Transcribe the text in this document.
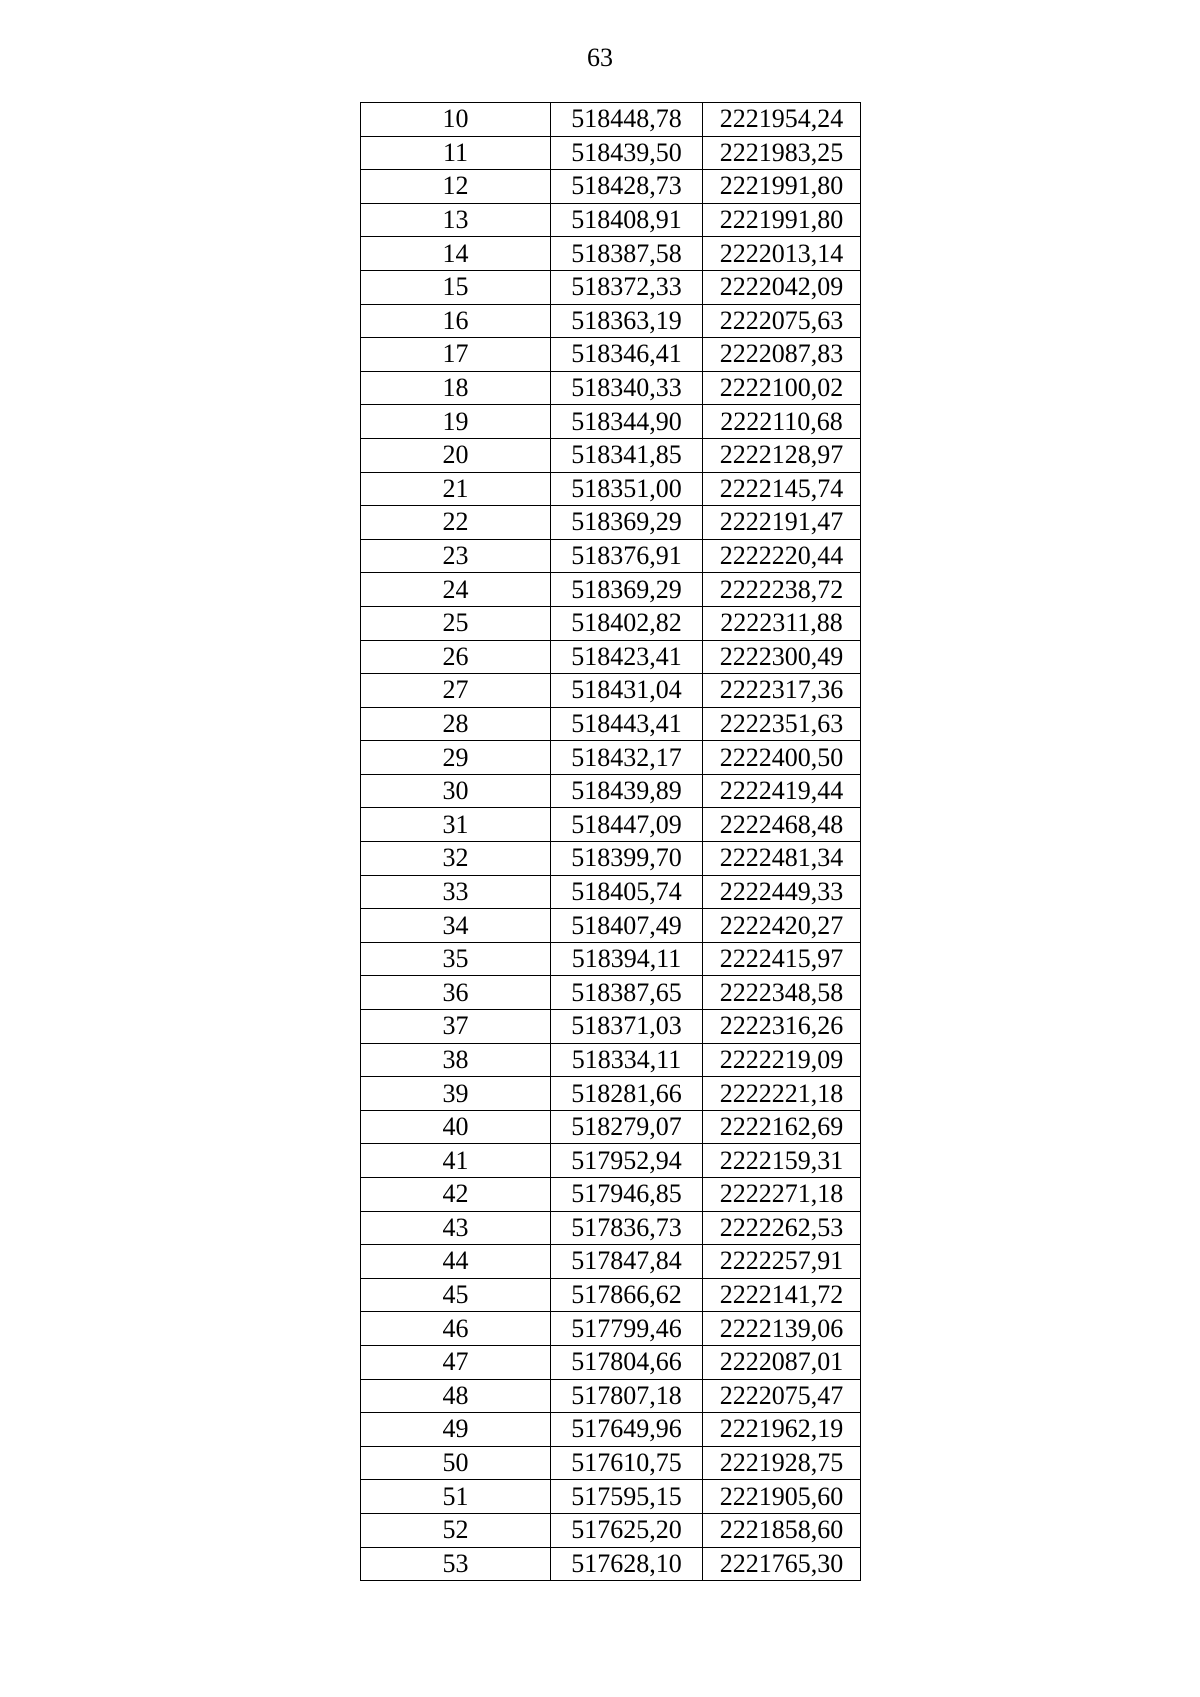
63
10	518448,78	2221954,24
11	518439,50	2221983,25
12	518428,73	2221991,80
13	518408,91	2221991,80
14	518387,58	2222013,14
15	518372,33	2222042,09
16	518363,19	2222075,63
17	518346,41	2222087,83
18	518340,33	2222100,02
19	518344,90	2222110,68
20	518341,85	2222128,97
21	518351,00	2222145,74
22	518369,29	2222191,47
23	518376,91	2222220,44
24	518369,29	2222238,72
25	518402,82	2222311,88
26	518423,41	2222300,49
27	518431,04	2222317,36
28	518443,41	2222351,63
29	518432,17	2222400,50
30	518439,89	2222419,44
31	518447,09	2222468,48
32	518399,70	2222481,34
33	518405,74	2222449,33
34	518407,49	2222420,27
35	518394,11	2222415,97
36	518387,65	2222348,58
37	518371,03	2222316,26
38	518334,11	2222219,09
39	518281,66	2222221,18
40	518279,07	2222162,69
41	517952,94	2222159,31
42	517946,85	2222271,18
43	517836,73	2222262,53
44	517847,84	2222257,91
45	517866,62	2222141,72
46	517799,46	2222139,06
47	517804,66	2222087,01
48	517807,18	2222075,47
49	517649,96	2221962,19
50	517610,75	2221928,75
51	517595,15	2221905,60
52	517625,20	2221858,60
53	517628,10	2221765,30
